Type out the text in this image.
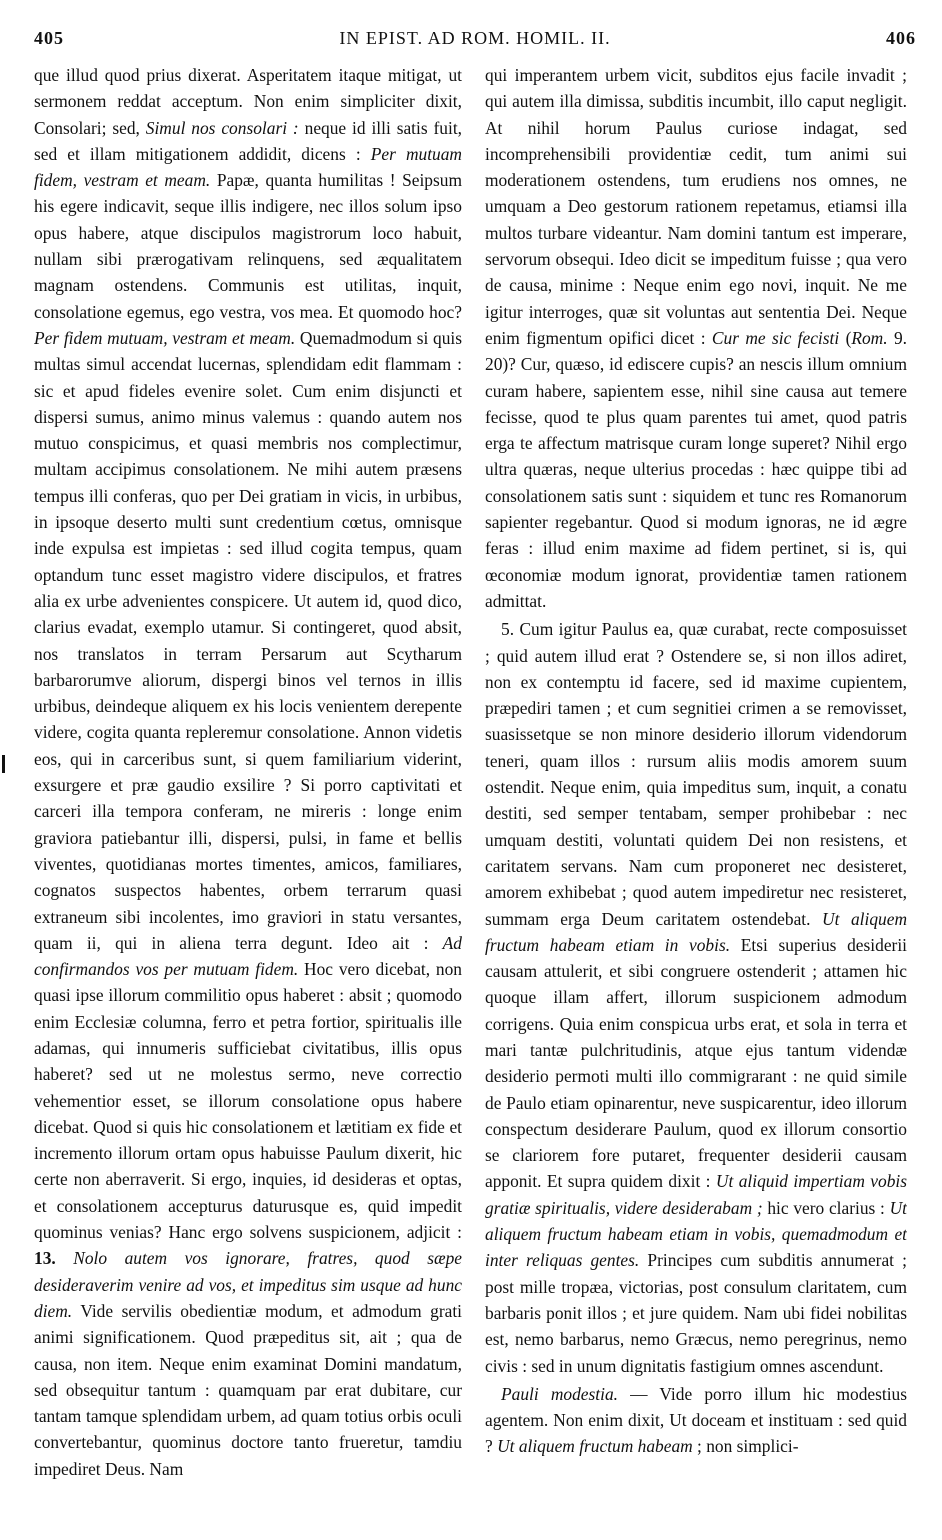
405	IN EPIST. AD ROM. HOMIL. II.	406

que illud quod prius dixerat. Asperitatem itaque mitigat, ut sermonem reddat acceptum. Non enim simpliciter dixit, Consolari; sed, Simul nos consolari : neque id illi satis fuit, sed et illam mitigationem addidit, dicens : Per mutuam fidem, vestram et meam. Papæ, quanta humilitas ! Seipsum his egere indicavit, seque illis indigere, nec illos solum ipso opus habere, atque discipulos magistrorum loco habuit, nullam sibi prærogativam relinquens, sed æqualitatem magnam ostendens. Communis est utilitas, inquit, consolatione egemus, ego vestra, vos mea. Et quomodo hoc? Per fidem mutuam, vestram et meam. Quemadmodum si quis multas simul accendat lucernas, splendidam edit flammam : sic et apud fideles evenire solet. Cum enim disjuncti et dispersi sumus, animo minus valemus : quando autem nos mutuo conspicimus, et quasi membris nos complectimur, multam accipimus consolationem. Ne mihi autem præsens tempus illi conferas, quo per Dei gratiam in vicis, in urbibus, in ipsoque deserto multi sunt credentium cœtus, omnisque inde expulsa est impietas : sed illud cogita tempus, quam optandum tunc esset magistro videre discipulos, et fratres alia ex urbe advenientes conspicere. Ut autem id, quod dico, clarius evadat, exemplo utamur. Si contingeret, quod absit, nos translatos in terram Persarum aut Scytharum barbarorumve aliorum, dispergi binos vel ternos in illis urbibus, deindeque aliquem ex his locis venientem derepente videre, cogita quanta repleremur consolatione. Annon videtis eos, qui in carceribus sunt, si quem familiarium viderint, exsurgere et præ gaudio exsilire ? Si porro captivitati et carceri illa tempora conferam, ne mireris : longe enim graviora patiebantur illi, dispersi, pulsi, in fame et bellis viventes, quotidianas mortes timentes, amicos, familiares, cognatos suspectos habentes, orbem terrarum quasi extraneum sibi incolentes, imo graviori in statu versantes, quam ii, qui in aliena terra degunt. Ideo ait : Ad confirmandos vos per mutuam fidem. Hoc vero dicebat, non quasi ipse illorum commilitio opus haberet : absit ; quomodo enim Ecclesiæ columna, ferro et petra fortior, spiritualis ille adamas, qui innumeris sufficiebat civitatibus, illis opus haberet? sed ut ne molestus sermo, neve correctio vehementior esset, se illorum consolatione opus habere dicebat. Quod si quis hic consolationem et lætitiam ex fide et incremento illorum ortam opus habuisse Paulum dixerit, hic certe non aberraverit. Si ergo, inquies, id desideras et optas, et consolationem accepturus daturusque es, quid impedit quominus venias? Hanc ergo solvens suspicionem, adjicit : 13. Nolo autem vos ignorare, fratres, quod sæpe desideraverim venire ad vos, et impeditus sim usque ad hunc diem. Vide servilis obedientiæ modum, et admodum grati animi significationem. Quod præpeditus sit, ait ; qua de causa, non item. Neque enim examinat Domini mandatum, sed obsequitur tantum : quamquam par erat dubitare, cur tantam tamque splendidam urbem, ad quam totius orbis oculi convertebantur, quominus doctore tanto frueretur, tamdiu impediret Deus. Nam

qui imperantem urbem vicit, subditos ejus facile invadit ; qui autem illa dimissa, subditis incumbit, illo caput negligit. At nihil horum Paulus curiose indagat, sed incomprehensibili providentiæ cedit, tum animi sui moderationem ostendens, tum erudiens nos omnes, ne umquam a Deo gestorum rationem repetamus, etiamsi illa multos turbare videantur. Nam domini tantum est imperare, servorum obsequi. Ideo dicit se impeditum fuisse ; qua vero de causa, minime : Neque enim ego novi, inquit. Ne me igitur interroges, quæ sit voluntas aut sententia Dei. Neque enim figmentum opifici dicet : Cur me sic fecisti (Rom. 9. 20)? Cur, quæso, id ediscere cupis? an nescis illum omnium curam habere, sapientem esse, nihil sine causa aut temere fecisse, quod te plus quam parentes tui amet, quod patris erga te affectum matrisque curam longe superet? Nihil ergo ultra quæras, neque ulterius procedas : hæc quippe tibi ad consolationem satis sunt : siquidem et tunc res Romanorum sapienter regebantur. Quod si modum ignoras, ne id ægre feras : illud enim maxime ad fidem pertinet, si is, qui œconomiæ modum ignorat, providentiæ tamen rationem admittat.

5. Cum igitur Paulus ea, quæ curabat, recte composuisset ; quid autem illud erat ? Ostendere se, si non illos adiret, non ex contemptu id facere, sed id maxime cupientem, præpediri tamen ; et cum segnitiei crimen a se removisset, suasissetque se non minore desiderio illorum videndorum teneri, quam illos : rursum aliis modis amorem suum ostendit. Neque enim, quia impeditus sum, inquit, a conatu destiti, sed semper tentabam, semper prohibebar : nec umquam destiti, voluntati quidem Dei non resistens, et caritatem servans. Nam cum proponeret nec desisteret, amorem exhibebat ; quod autem impediretur nec resisteret, summam erga Deum caritatem ostendebat. Ut aliquem fructum habeam etiam in vobis. Etsi superius desiderii causam attulerit, et sibi congruere ostenderit ; attamen hic quoque illam affert, illorum suspicionem admodum corrigens. Quia enim conspicua urbs erat, et sola in terra et mari tantæ pulchritudinis, atque ejus tantum videndæ desiderio permoti multi illo commigrarant : ne quid simile de Paulo etiam opinarentur, neve suspicarentur, ideo illorum conspectum desiderare Paulum, quod ex illorum consortio se clariorem fore putaret, frequenter desiderii causam apponit. Et supra quidem dixit : Ut aliquid impertiam vobis gratiæ spiritualis, videre desiderabam ; hic vero clarius : Ut aliquem fructum habeam etiam in vobis, quemadmodum et inter reliquas gentes. Principes cum subditis annumerat ; post mille tropæa, victorias, post consulum claritatem, cum barbaris ponit illos ; et jure quidem. Nam ubi fidei nobilitas est, nemo barbarus, nemo Græcus, nemo peregrinus, nemo civis : sed in unum dignitatis fastigium omnes ascendunt.

Pauli modestia. — Vide porro illum hic modestius agentem. Non enim dixit, Ut doceam et instituam : sed quid ? Ut aliquem fructum habeam ; non simplici-
